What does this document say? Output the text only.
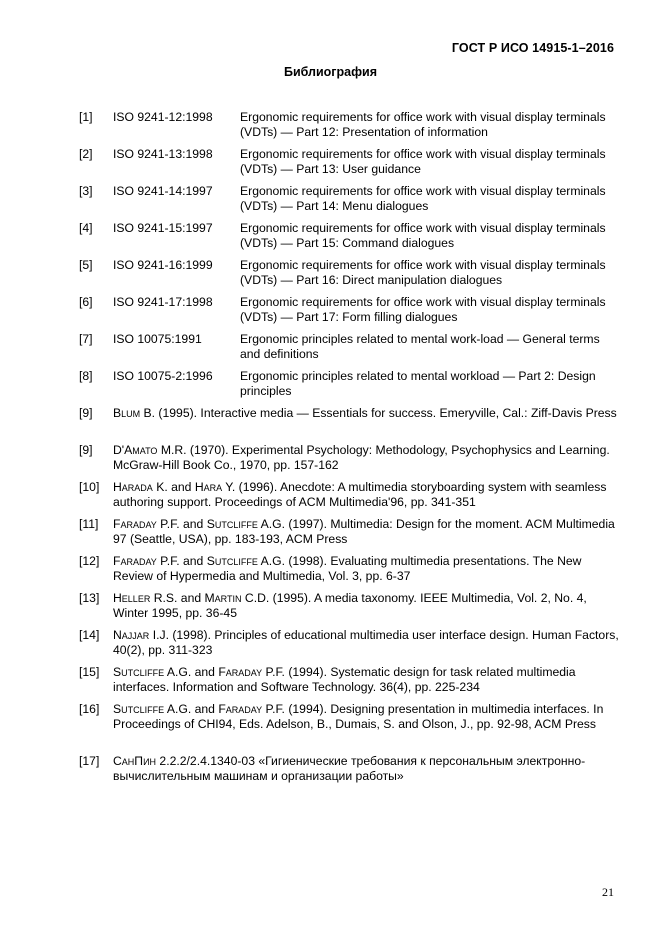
ГОСТ Р ИСО 14915-1–2016
Библиография
[1] ISO 9241-12:1998 Ergonomic requirements for office work with visual display terminals (VDTs) — Part 12: Presentation of information
[2] ISO 9241-13:1998 Ergonomic requirements for office work with visual display terminals (VDTs) — Part 13: User guidance
[3] ISO 9241-14:1997 Ergonomic requirements for office work with visual display terminals (VDTs) — Part 14: Menu dialogues
[4] ISO 9241-15:1997 Ergonomic requirements for office work with visual display terminals (VDTs) — Part 15: Command dialogues
[5] ISO 9241-16:1999 Ergonomic requirements for office work with visual display terminals (VDTs) — Part 16: Direct manipulation dialogues
[6] ISO 9241-17:1998 Ergonomic requirements for office work with visual display terminals (VDTs) — Part 17: Form filling dialogues
[7] ISO 10075:1991	Ergonomic principles related to mental work-load — General terms and definitions
[8] ISO 10075-2:1996 Ergonomic principles related to mental workload — Part 2: Design principles
[9] Blum B. (1995). Interactive media — Essentials for success. Emeryville, Cal.: Ziff-Davis Press
[9] D'Amato M.R. (1970). Experimental Psychology: Methodology, Psychophysics and Learning. McGraw-Hill Book Co., 1970, pp. 157-162
[10] Harada K. and Hara Y. (1996). Anecdote: A multimedia storyboarding system with seamless authoring support. Proceedings of ACM Multimedia'96, pp. 341-351
[11] Faraday P.F. and Sutcliffe A.G. (1997). Multimedia: Design for the moment. ACM Multimedia 97 (Seattle, USA), pp. 183-193, ACM Press
[12] Faraday P.F. and Sutcliffe A.G. (1998). Evaluating multimedia presentations. The New Review of Hypermedia and Multimedia, Vol. 3, pp. 6-37
[13] Heller R.S. and Martin C.D. (1995). A media taxonomy. IEEE Multimedia, Vol. 2, No. 4, Winter 1995, pp. 36-45
[14] Najjar I.J. (1998). Principles of educational multimedia user interface design. Human Factors, 40(2), pp. 311-323
[15] Sutcliffe A.G. and Faraday P.F. (1994). Systematic design for task related multimedia interfaces. Information and Software Technology. 36(4), pp. 225-234
[16] Sutcliffe A.G. and Faraday P.F. (1994). Designing presentation in multimedia interfaces. In Proceedings of CHI94, Eds. Adelson, B., Dumais, S. and Olson, J., pp. 92-98, ACM Press
[17] СанПин 2.2.2/2.4.1340-03 «Гигиенические требования к персональным электронно-вычислительным машинам и организации работы»
21
